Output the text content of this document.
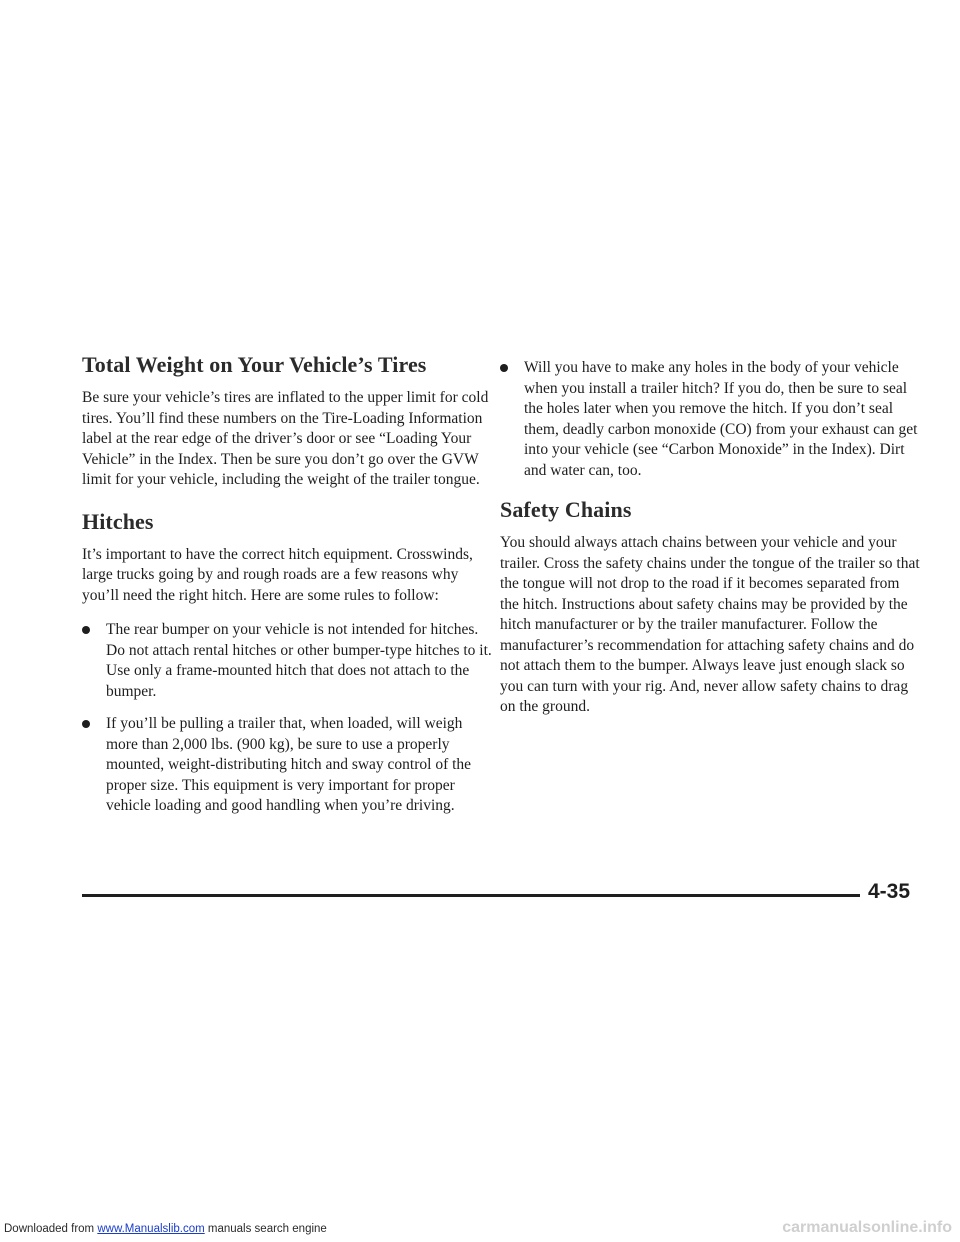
Total Weight on Your Vehicle’s Tires

Be sure your vehicle’s tires are inflated to the upper limit for cold tires. You’ll find these numbers on the Tire-Loading Information label at the rear edge of the driver’s door or see “Loading Your Vehicle” in the Index. Then be sure you don’t go over the GVW limit for your vehicle, including the weight of the trailer tongue.

Hitches

It’s important to have the correct hitch equipment. Crosswinds, large trucks going by and rough roads are a few reasons why you’ll need the right hitch. Here are some rules to follow:

The rear bumper on your vehicle is not intended for hitches. Do not attach rental hitches or other bumper-type hitches to it. Use only a frame-mounted hitch that does not attach to the bumper.
If you’ll be pulling a trailer that, when loaded, will weigh more than 2,000 lbs. (900 kg), be sure to use a properly mounted, weight-distributing hitch and sway control of the proper size. This equipment is very important for proper vehicle loading and good handling when you’re driving.
Will you have to make any holes in the body of your vehicle when you install a trailer hitch? If you do, then be sure to seal the holes later when you remove the hitch. If you don’t seal them, deadly carbon monoxide (CO) from your exhaust can get into your vehicle (see “Carbon Monoxide” in the Index). Dirt and water can, too.
Safety Chains

You should always attach chains between your vehicle and your trailer. Cross the safety chains under the tongue of the trailer so that the tongue will not drop to the road if it becomes separated from the hitch. Instructions about safety chains may be provided by the hitch manufacturer or by the trailer manufacturer. Follow the manufacturer’s recommendation for attaching safety chains and do not attach them to the bumper. Always leave just enough slack so you can turn with your rig. And, never allow safety chains to drag on the ground.

4-35
Downloaded from www.Manualslib.com manuals search engine	carmanualsonline.info
